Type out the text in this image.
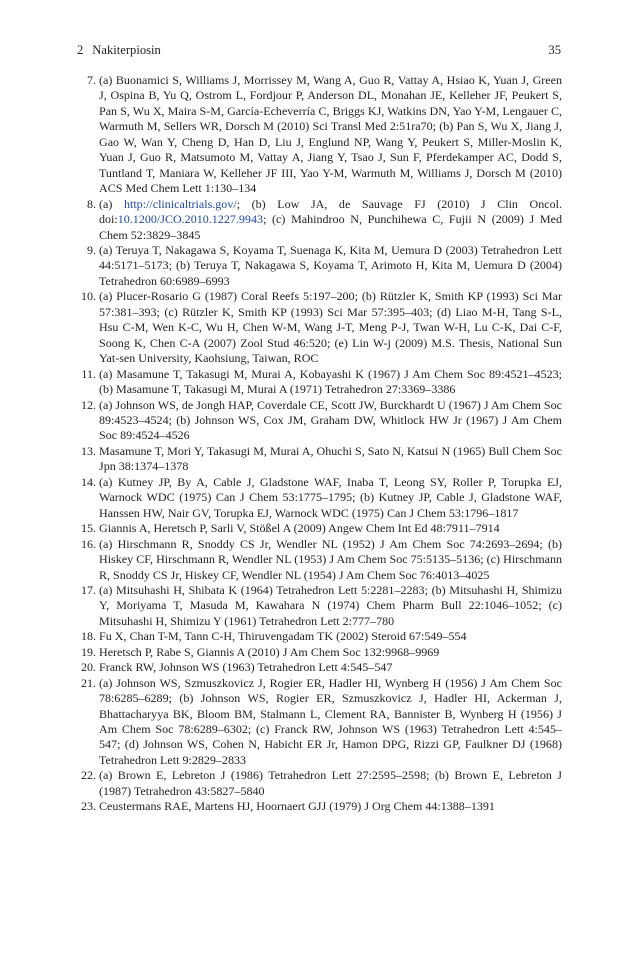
2 Nakiterpiosin	35
7. (a) Buonamici S, Williams J, Morrissey M, Wang A, Guo R, Vattay A, Hsiao K, Yuan J, Green J, Ospina B, Yu Q, Ostrom L, Fordjour P, Anderson DL, Monahan JE, Kelleher JF, Peukert S, Pan S, Wu X, Maira S-M, García-Echeverría C, Briggs KJ, Watkins DN, Yao Y-M, Lengauer C, Warmuth M, Sellers WR, Dorsch M (2010) Sci Transl Med 2:51ra70; (b) Pan S, Wu X, Jiang J, Gao W, Wan Y, Cheng D, Han D, Liu J, Englund NP, Wang Y, Peukert S, Miller-Moslin K, Yuan J, Guo R, Matsumoto M, Vattay A, Jiang Y, Tsao J, Sun F, Pferdekamper AC, Dodd S, Tuntland T, Maniara W, Kelleher JF III, Yao Y-M, Warmuth M, Williams J, Dorsch M (2010) ACS Med Chem Lett 1:130–134
8. (a) http://clinicaltrials.gov/; (b) Low JA, de Sauvage FJ (2010) J Clin Oncol. doi:10.1200/JCO.2010.1227.9943; (c) Mahindroo N, Punchihewa C, Fujii N (2009) J Med Chem 52:3829–3845
9. (a) Teruya T, Nakagawa S, Koyama T, Suenaga K, Kita M, Uemura D (2003) Tetrahedron Lett 44:5171–5173; (b) Teruya T, Nakagawa S, Koyama T, Arimoto H, Kita M, Uemura D (2004) Tetrahedron 60:6989–6993
10. (a) Plucer-Rosario G (1987) Coral Reefs 5:197–200; (b) Rützler K, Smith KP (1993) Sci Mar 57:381–393; (c) Rützler K, Smith KP (1993) Sci Mar 57:395–403; (d) Liao M-H, Tang S-L, Hsu C-M, Wen K-C, Wu H, Chen W-M, Wang J-T, Meng P-J, Twan W-H, Lu C-K, Dai C-F, Soong K, Chen C-A (2007) Zool Stud 46:520; (e) Lin W-j (2009) M.S. Thesis, National Sun Yat-sen University, Kaohsiung, Taiwan, ROC
11. (a) Masamune T, Takasugi M, Murai A, Kobayashi K (1967) J Am Chem Soc 89:4521–4523; (b) Masamune T, Takasugi M, Murai A (1971) Tetrahedron 27:3369–3386
12. (a) Johnson WS, de Jongh HAP, Coverdale CE, Scott JW, Burckhardt U (1967) J Am Chem Soc 89:4523–4524; (b) Johnson WS, Cox JM, Graham DW, Whitlock HW Jr (1967) J Am Chem Soc 89:4524–4526
13. Masamune T, Mori Y, Takasugi M, Murai A, Ohuchi S, Sato N, Katsui N (1965) Bull Chem Soc Jpn 38:1374–1378
14. (a) Kutney JP, By A, Cable J, Gladstone WAF, Inaba T, Leong SY, Roller P, Torupka EJ, Warnock WDC (1975) Can J Chem 53:1775–1795; (b) Kutney JP, Cable J, Gladstone WAF, Hanssen HW, Nair GV, Torupka EJ, Warnock WDC (1975) Can J Chem 53:1796–1817
15. Giannis A, Heretsch P, Sarli V, Stößel A (2009) Angew Chem Int Ed 48:7911–7914
16. (a) Hirschmann R, Snoddy CS Jr, Wendler NL (1952) J Am Chem Soc 74:2693–2694; (b) Hiskey CF, Hirschmann R, Wendler NL (1953) J Am Chem Soc 75:5135–5136; (c) Hirschmann R, Snoddy CS Jr, Hiskey CF, Wendler NL (1954) J Am Chem Soc 76:4013–4025
17. (a) Mitsuhashi H, Shibata K (1964) Tetrahedron Lett 5:2281–2283; (b) Mitsuhashi H, Shimizu Y, Moriyama T, Masuda M, Kawahara N (1974) Chem Pharm Bull 22:1046–1052; (c) Mitsuhashi H, Shimizu Y (1961) Tetrahedron Lett 2:777–780
18. Fu X, Chan T-M, Tann C-H, Thiruvengadam TK (2002) Steroid 67:549–554
19. Heretsch P, Rabe S, Giannis A (2010) J Am Chem Soc 132:9968–9969
20. Franck RW, Johnson WS (1963) Tetrahedron Lett 4:545–547
21. (a) Johnson WS, Szmuszkovicz J, Rogier ER, Hadler HI, Wynberg H (1956) J Am Chem Soc 78:6285–6289; (b) Johnson WS, Rogier ER, Szmuszkovicz J, Hadler HI, Ackerman J, Bhattacharyya BK, Bloom BM, Stalmann L, Clement RA, Bannister B, Wynberg H (1956) J Am Chem Soc 78:6289–6302; (c) Franck RW, Johnson WS (1963) Tetrahedron Lett 4:545–547; (d) Johnson WS, Cohen N, Habicht ER Jr, Hamon DPG, Rizzi GP, Faulkner DJ (1968) Tetrahedron Lett 9:2829–2833
22. (a) Brown E, Lebreton J (1986) Tetrahedron Lett 27:2595–2598; (b) Brown E, Lebreton J (1987) Tetrahedron 43:5827–5840
23. Ceustermans RAE, Martens HJ, Hoornaert GJJ (1979) J Org Chem 44:1388–1391
